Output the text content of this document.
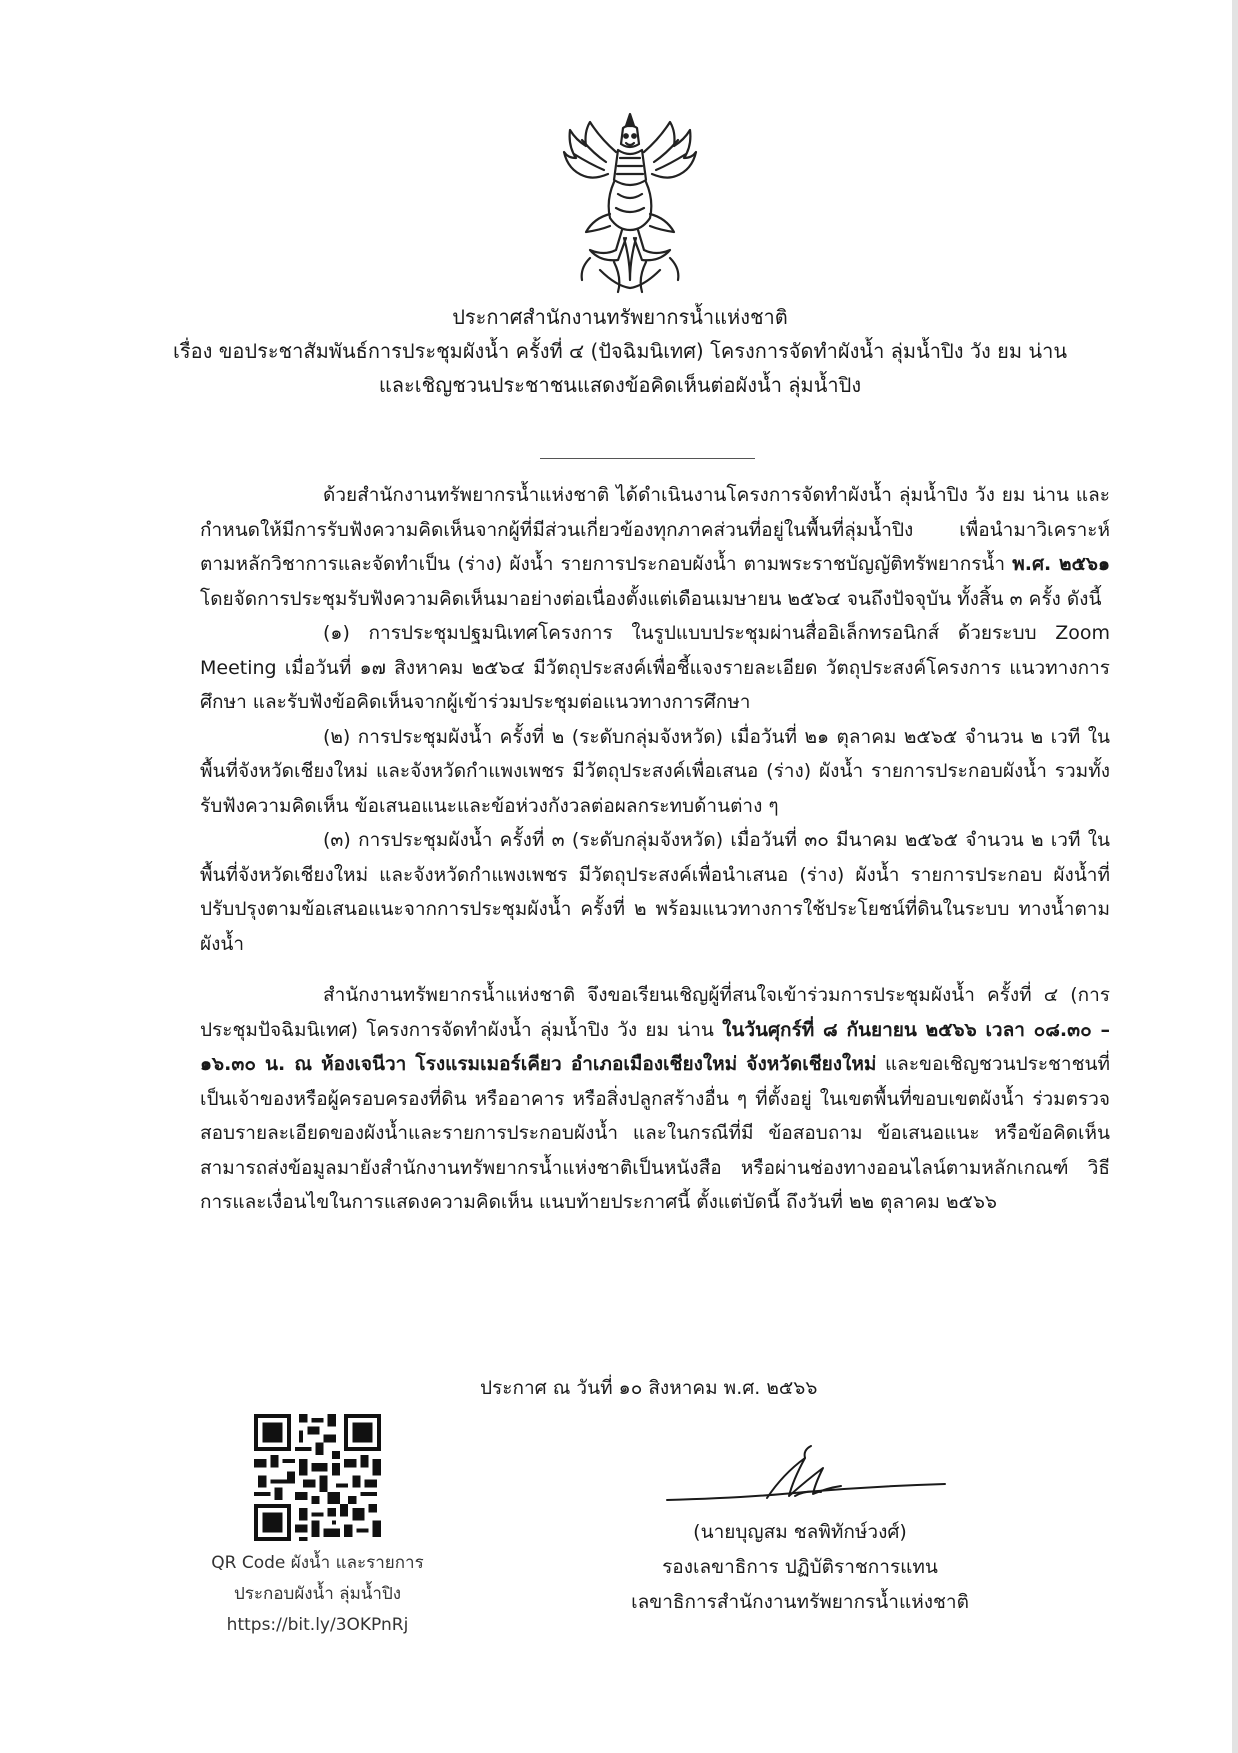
ประกาศสำนักงานทรัพยากรน้ำแห่งชาติ
เรื่อง ขอประชาสัมพันธ์การประชุมผังน้ำ ครั้งที่ ๔ (ปัจฉิมนิเทศ) โครงการจัดทำผังน้ำ ลุ่มน้ำปิง วัง ยม น่าน
และเชิญชวนประชาชนแสดงข้อคิดเห็นต่อผังน้ำ ลุ่มน้ำปิง

ด้วยสำนักงานทรัพยากรน้ำแห่งชาติ ได้ดำเนินงานโครงการจัดทำผังน้ำ ลุ่มน้ำปิง วัง ยม น่าน และกำหนดให้มีการรับฟังความคิดเห็นจากผู้ที่มีส่วนเกี่ยวข้องทุกภาคส่วนที่อยู่ในพื้นที่ลุ่มน้ำปิง เพื่อนำมาวิเคราะห์ ตามหลักวิชาการและจัดทำเป็น (ร่าง) ผังน้ำ รายการประกอบผังน้ำ ตามพระราชบัญญัติทรัพยากรน้ำ พ.ศ. ๒๕๖๑ โดยจัดการประชุมรับฟังความคิดเห็นมาอย่างต่อเนื่องตั้งแต่เดือนเมษายน ๒๕๖๔ จนถึงปัจจุบัน ทั้งสิ้น ๓ ครั้ง ดังนี้

(๑) การประชุมปฐมนิเทศโครงการ ในรูปแบบประชุมผ่านสื่ออิเล็กทรอนิกส์ ด้วยระบบ Zoom Meeting เมื่อวันที่ ๑๗ สิงหาคม ๒๕๖๔ มีวัตถุประสงค์เพื่อชี้แจงรายละเอียด วัตถุประสงค์โครงการ แนวทางการศึกษา และรับฟังข้อคิดเห็นจากผู้เข้าร่วมประชุมต่อแนวทางการศึกษา

(๒) การประชุมผังน้ำ ครั้งที่ ๒ (ระดับกลุ่มจังหวัด) เมื่อวันที่ ๒๑ ตุลาคม ๒๕๖๕ จำนวน ๒ เวที ในพื้นที่จังหวัดเชียงใหม่ และจังหวัดกำแพงเพชร มีวัตถุประสงค์เพื่อเสนอ (ร่าง) ผังน้ำ รายการประกอบผังน้ำ รวมทั้งรับฟังความคิดเห็น ข้อเสนอแนะและข้อห่วงกังวลต่อผลกระทบด้านต่าง ๆ

(๓) การประชุมผังน้ำ ครั้งที่ ๓ (ระดับกลุ่มจังหวัด) เมื่อวันที่ ๓๐ มีนาคม ๒๕๖๕ จำนวน ๒ เวที ในพื้นที่จังหวัดเชียงใหม่ และจังหวัดกำแพงเพชร มีวัตถุประสงค์เพื่อนำเสนอ (ร่าง) ผังน้ำ รายการประกอบ ผังน้ำที่ปรับปรุงตามข้อเสนอแนะจากการประชุมผังน้ำ ครั้งที่ ๒ พร้อมแนวทางการใช้ประโยชน์ที่ดินในระบบ ทางน้ำตามผังน้ำ

สำนักงานทรัพยากรน้ำแห่งชาติ จึงขอเรียนเชิญผู้ที่สนใจเข้าร่วมการประชุมผังน้ำ ครั้งที่ ๔ (การประชุมปัจฉิมนิเทศ) โครงการจัดทำผังน้ำ ลุ่มน้ำปิง วัง ยม น่าน ในวันศุกร์ที่ ๘ กันยายน ๒๕๖๖ เวลา ๐๘.๓๐ – ๑๖.๓๐ น. ณ ห้องเจนีวา โรงแรมเมอร์เคียว อำเภอเมืองเชียงใหม่ จังหวัดเชียงใหม่ และขอเชิญชวนประชาชนที่เป็นเจ้าของหรือผู้ครอบครองที่ดิน หรืออาคาร หรือสิ่งปลูกสร้างอื่น ๆ ที่ตั้งอยู่ ในเขตพื้นที่ขอบเขตผังน้ำ ร่วมตรวจสอบรายละเอียดของผังน้ำและรายการประกอบผังน้ำ และในกรณีที่มี ข้อสอบถาม ข้อเสนอแนะ หรือข้อคิดเห็น สามารถส่งข้อมูลมายังสำนักงานทรัพยากรน้ำแห่งชาติเป็นหนังสือ หรือผ่านช่องทางออนไลน์ตามหลักเกณฑ์ วิธีการและเงื่อนไขในการแสดงความคิดเห็น แนบท้ายประกาศนี้ ตั้งแต่บัดนี้ ถึงวันที่ ๒๒ ตุลาคม ๒๕๖๖

ประกาศ ณ วันที่ ๑๐ สิงหาคม พ.ศ. ๒๕๖๖
QR Code ผังน้ำ และรายการ
ประกอบผังน้ำ ลุ่มน้ำปิง
https://bit.ly/3OKPnRj
(นายบุญสม ชลพิทักษ์วงศ์)
รองเลขาธิการ ปฏิบัติราชการแทน
เลขาธิการสำนักงานทรัพยากรน้ำแห่งชาติ
